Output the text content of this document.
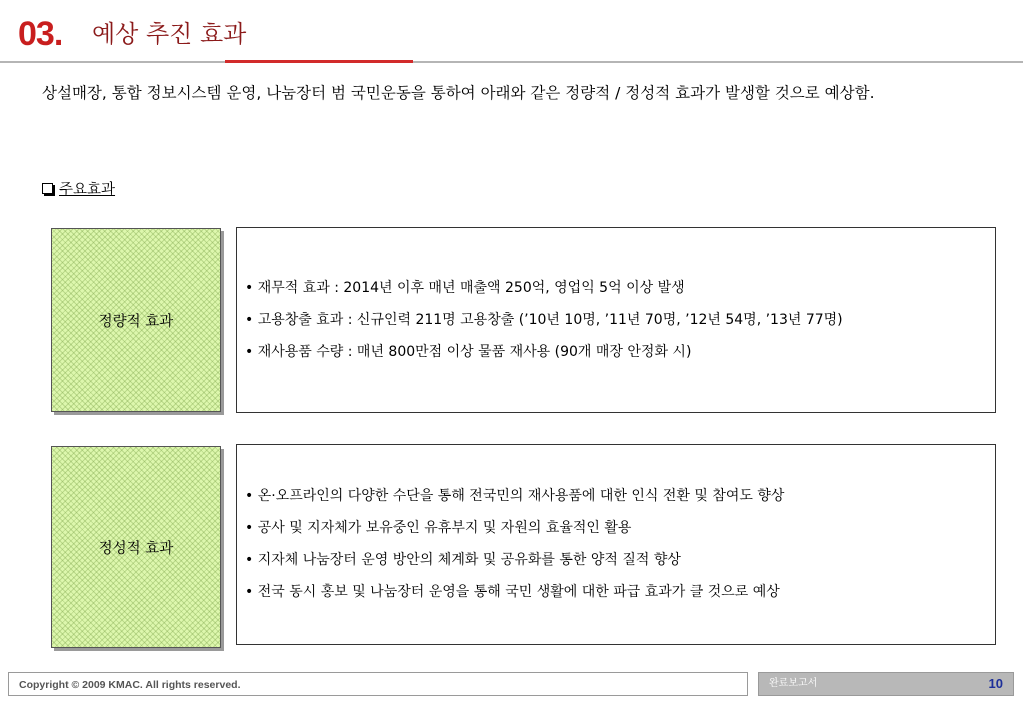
03. 예상 추진 효과
상설매장, 통합 정보시스템 운영, 나눔장터 범 국민운동을 통하여 아래와 같은 정량적 / 정성적 효과가 발생할 것으로 예상함.
주요효과
정량적 효과
• 재무적 효과 : 2014년 이후 매년 매출액 250억, 영업익 5억 이상 발생
• 고용창출 효과 : 신규인력 211명 고용창출 (’10년 10명, ’11년 70명, ’12년 54명, ’13년 77명)
• 재사용품 수량 : 매년 800만점 이상 물품 재사용 (90개 매장 안정화 시)
정성적 효과
• 온·오프라인의 다양한 수단을 통해 전국민의 재사용품에 대한 인식 전환 및 참여도 향상
• 공사 및 지자체가 보유중인 유휴부지 및 자원의 효율적인 활용
• 지자체 나눔장터 운영 방안의 체계화 및 공유화를 통한 양적 질적 향상
• 전국 동시 홍보 및 나눔장터 운영을 통해 국민 생활에 대한 파급 효과가 클 것으로 예상
Copyright © 2009 KMAC. All rights reserved.	완료보고서	10
